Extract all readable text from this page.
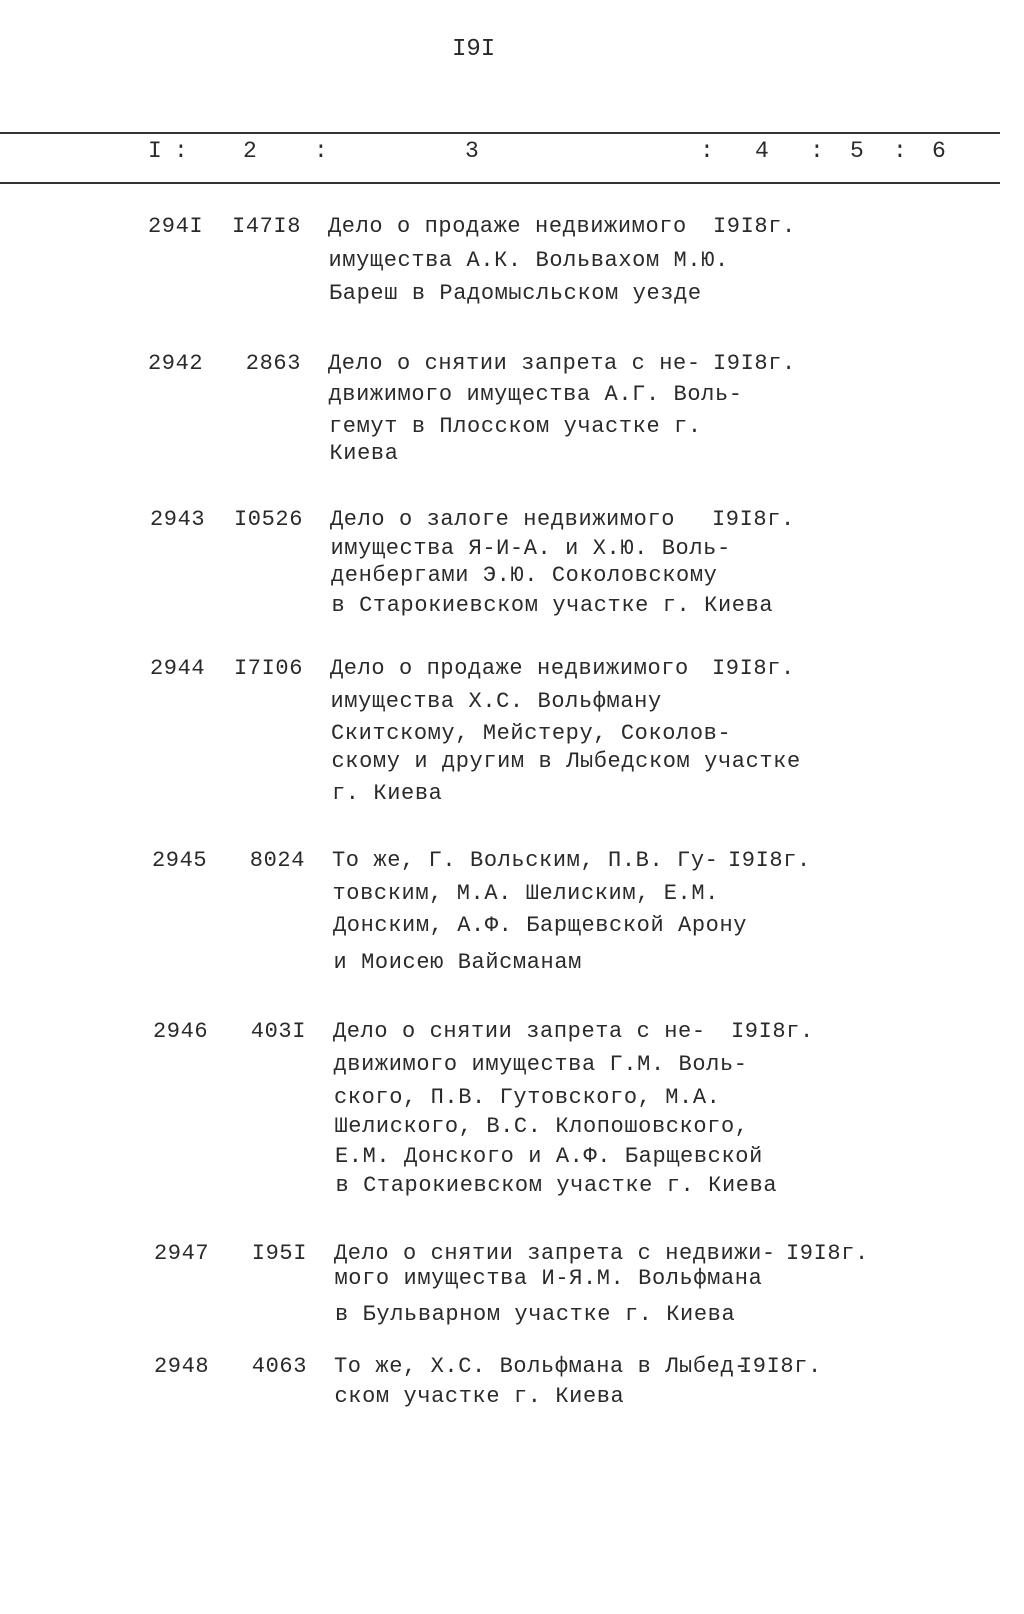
I9I
I : 2 :	3	: 4 : 5 : 6
294I	I47I8 Дело о продаже недвижимого
имущества А.К. Вольвахом М.Ю.
Бареш в Радомысльском уезде
I9I8г.
2942	2863 Дело о снятии запрета с не-
движимого имущества А.Г. Воль-
гемут в Плосском участке г.
Киева
I9I8г.
2943	I0526 Дело о залоге недвижимого
имущества Я-И-А. и Х.Ю. Воль-
денбергами Э.Ю. Соколовскому
в Старокиевском участке г. Киева
I9I8г.
2944	I7I06 Дело о продаже недвижимого
имущества Х.С. Вольфману
Скитскому, Мейстеру, Соколов-
скому и другим в Лыбедском участке
г. Киева
I9I8г.
2945	8024 То же, Г. Вольским, П.В. Гу-
товским, М.А. Шелиским, Е.М.
Донским, А.Ф. Барщевской Арону
и Моисею Вайсманам
I9I8г.
2946	403I Дело о снятии запрета с не-
движимого имущества Г.М. Воль-
ского, П.В. Гутовского, М.А.
Шелиского, В.С. Клопошовского,
Е.М. Донского и А.Ф. Барщевской
в Старокиевском участке г. Киева
I9I8г.
2947	I95I Дело о снятии запрета с недвижи-
мого имущества И-Я.М. Вольфмана
в Бульварном участке г. Киева
I9I8г.
2948	4063 То же, Х.С. Вольфмана в Лыбед-
ском участке г. Киева
I9I8г.
